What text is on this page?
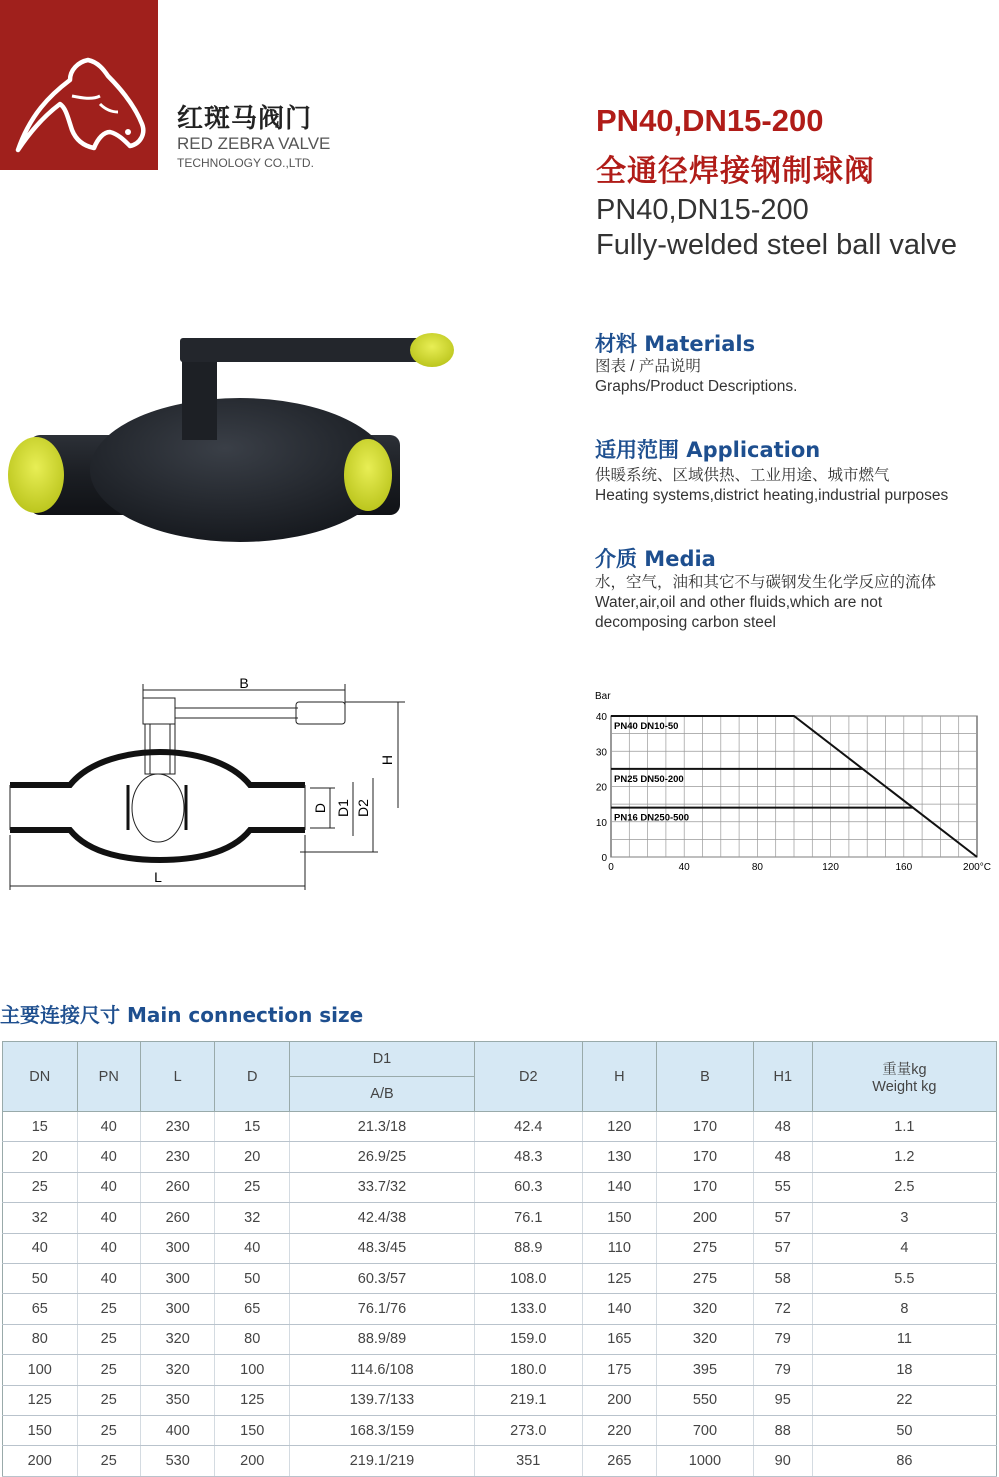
红斑马阀门
RED ZEBRA VALVE
TECHNOLOGY CO.,LTD.
PN40,DN15-200
全通径焊接钢制球阀
PN40,DN15-200
Fully-welded steel ball valve
材料 Materials
图表 / 产品说明
Graphs/Product Descriptions.
适用范围 Application
供暖系统、区域供热、工业用途、城市燃气
Heating systems,district heating,industrial purposes
介质 Media
水，空气，油和其它不与碳钢发生化学反应的流体
Water,air,oil and other fluids,which are not
decomposing carbon steel
B
H
D D1 D2
L
0
10
20
30
40
0	40	80	120	160	200°C
Bar
PN40 DN10-50
PN25 DN50-200
PN16 DN250-500
主要连接尺寸 Main connection size
DN	PN	L	D	D1	D2	H	B	H1	重量kg
Weight kg

				A/B					
15	40	230	15	21.3/18	42.4	120	170	48	1.1
20	40	230	20	26.9/25	48.3	130	170	48	1.2
25	40	260	25	33.7/32	60.3	140	170	55	2.5
32	40	260	32	42.4/38	76.1	150	200	57	3
40	40	300	40	48.3/45	88.9	110	275	57	4
50	40	300	50	60.3/57	108.0	125	275	58	5.5
65	25	300	65	76.1/76	133.0	140	320	72	8
80	25	320	80	88.9/89	159.0	165	320	79	11
100	25	320	100	114.6/108	180.0	175	395	79	18
125	25	350	125	139.7/133	219.1	200	550	95	22
150	25	400	150	168.3/159	273.0	220	700	88	50
200	25	530	200	219.1/219	351	265	1000	90	86
